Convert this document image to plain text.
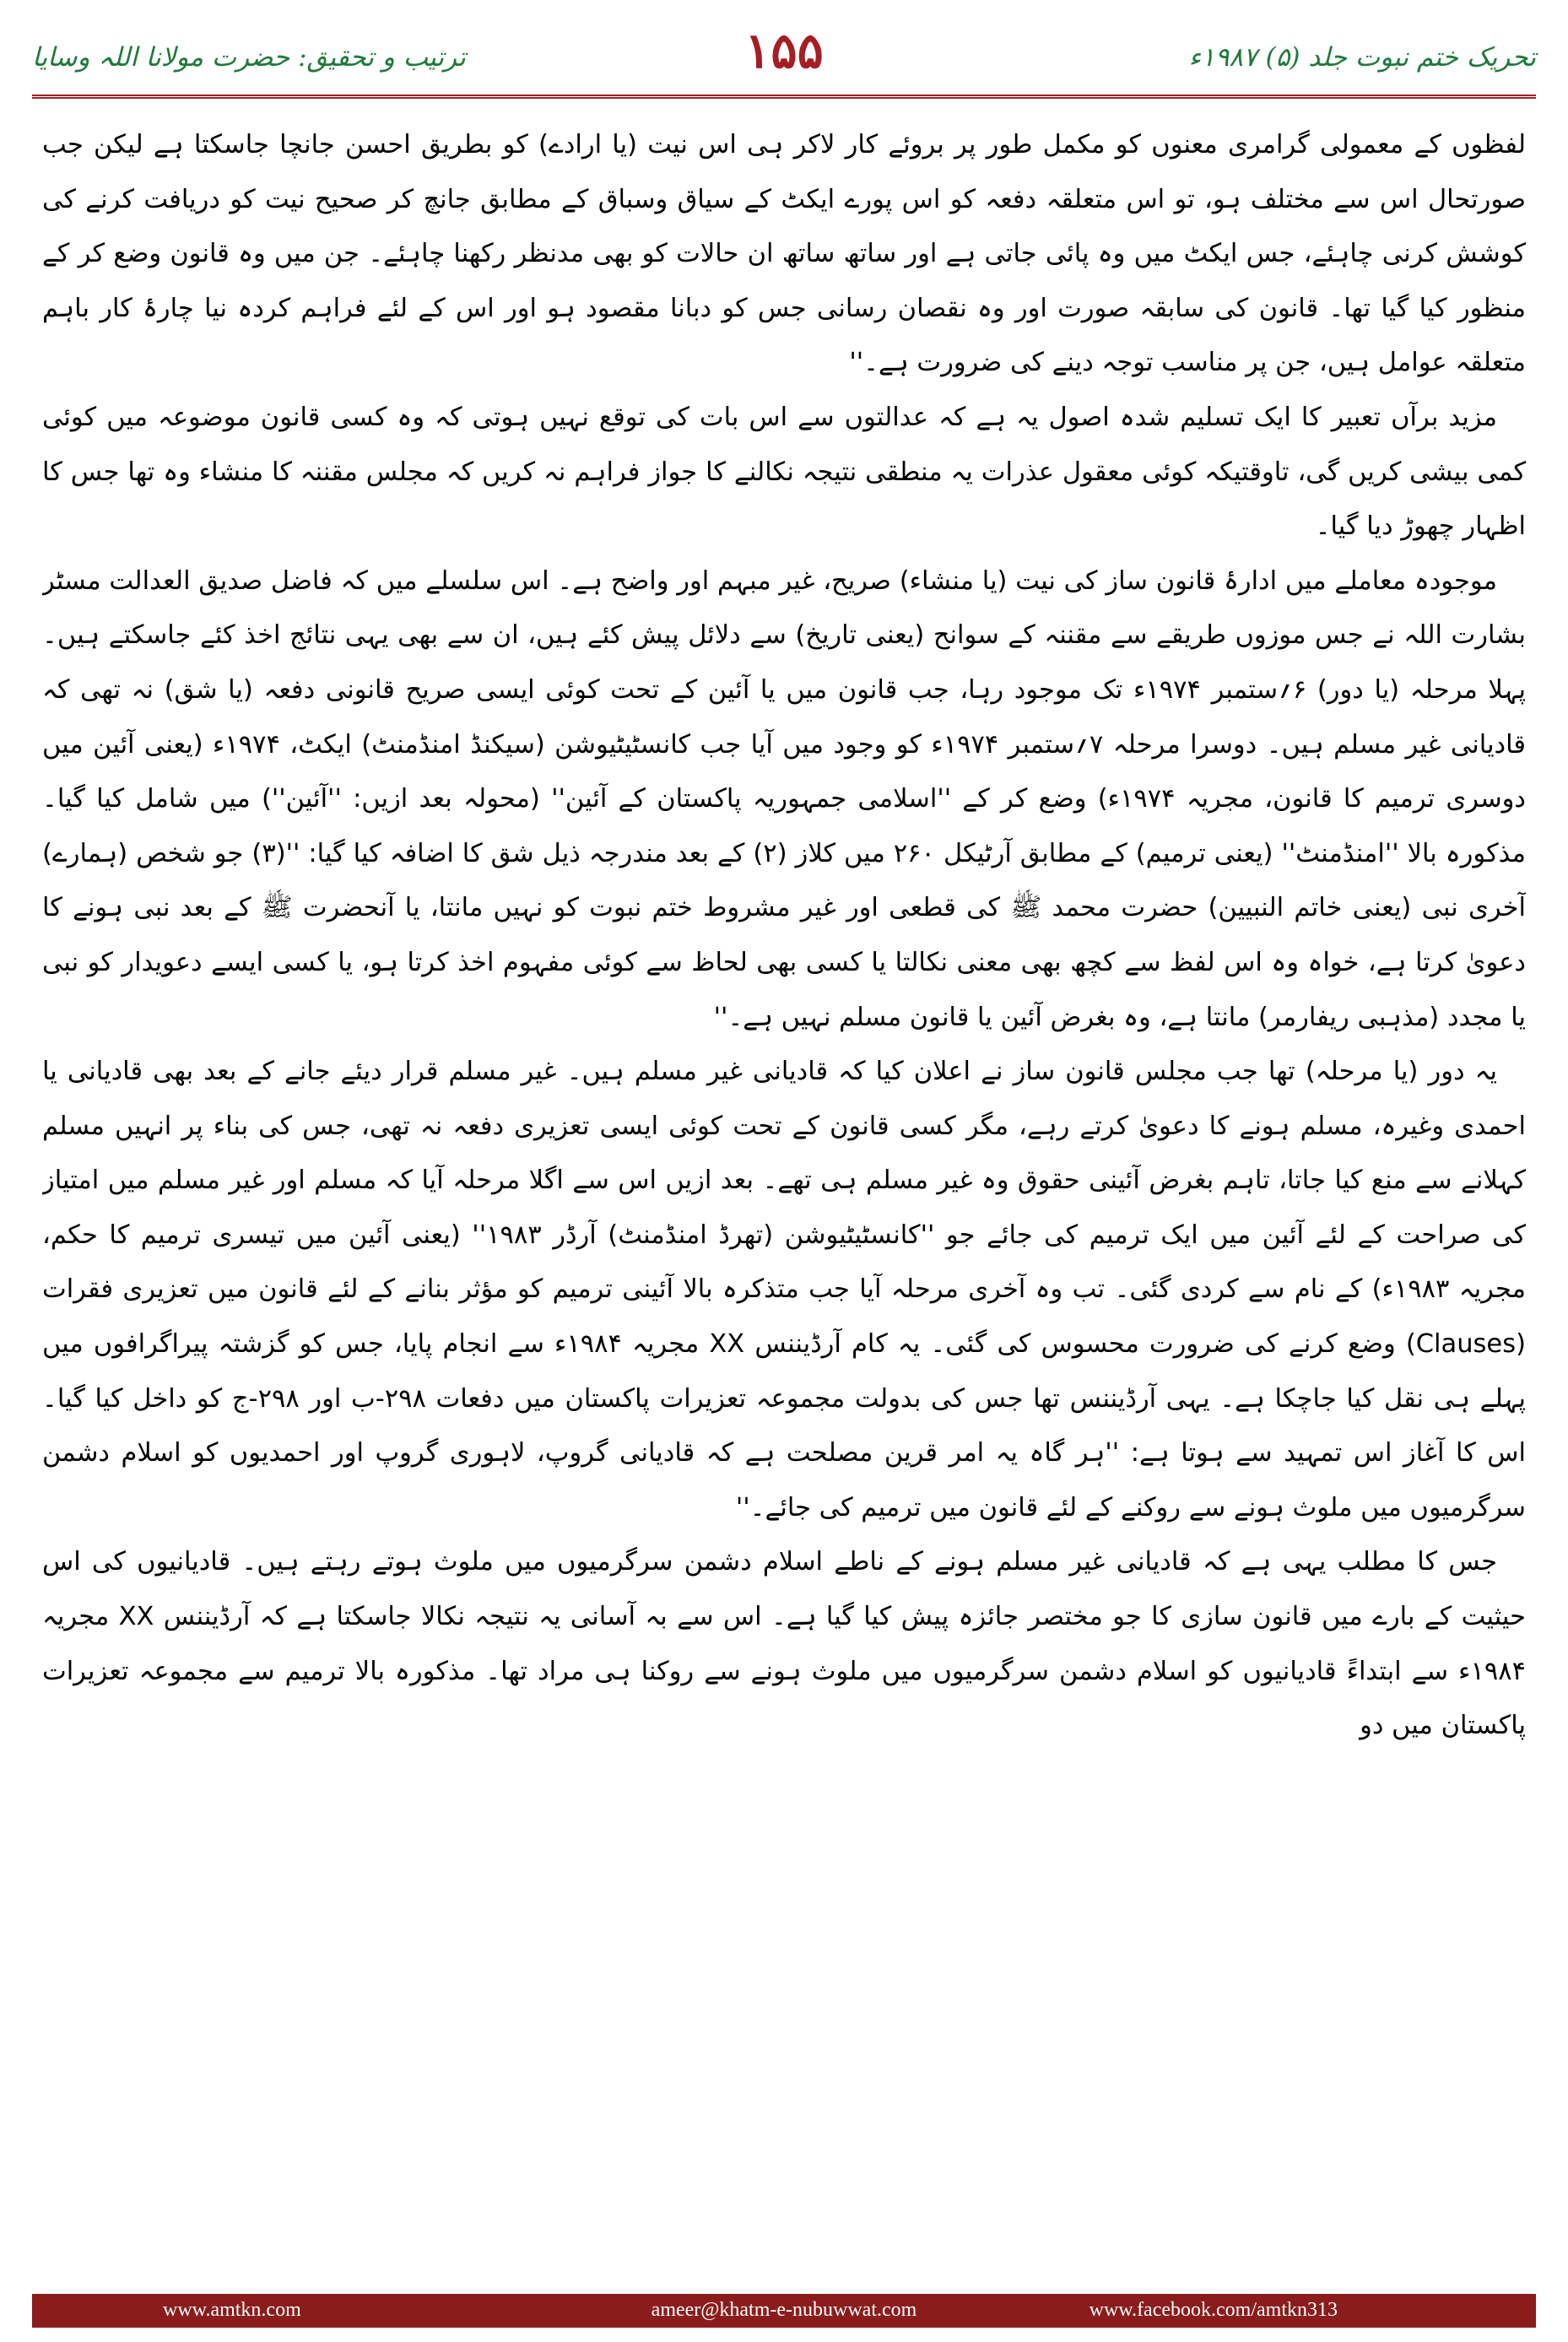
تحریک ختم نبوت جلد (۵) ۱۹۸۷ء
۱۵۵
ترتیب و تحقیق: حضرت مولانا اللہ وسایا

لفظوں کے معمولی گرامری معنوں کو مکمل طور پر بروئے کار لاکر ہی اس نیت (یا ارادے) کو بطریق احسن جانچا جاسکتا ہے لیکن جب صورتحال اس سے مختلف ہو، تو اس متعلقہ دفعہ کو اس پورے ایکٹ کے سیاق وسباق کے مطابق جانچ کر صحیح نیت کو دریافت کرنے کی کوشش کرنی چاہئے، جس ایکٹ میں وہ پائی جاتی ہے اور ساتھ ساتھ ان حالات کو بھی مدنظر رکھنا چاہئے۔ جن میں وہ قانون وضع کر کے منظور کیا گیا تھا۔ قانون کی سابقہ صورت اور وہ نقصان رسانی جس کو دبانا مقصود ہو اور اس کے لئے فراہم کردہ نیا چارۂ کار باہم متعلقہ عوامل ہیں، جن پر مناسب توجہ دینے کی ضرورت ہے۔''

مزید برآں تعبیر کا ایک تسلیم شدہ اصول یہ ہے کہ عدالتوں سے اس بات کی توقع نہیں ہوتی کہ وہ کسی قانون موضوعہ میں کوئی کمی بیشی کریں گی، تاوقتیکہ کوئی معقول عذرات یہ منطقی نتیجہ نکالنے کا جواز فراہم نہ کریں کہ مجلس مقننہ کا منشاء وہ تھا جس کا اظہار چھوڑ دیا گیا۔

موجودہ معاملے میں ادارۂ قانون ساز کی نیت (یا منشاء) صریح، غیر مبہم اور واضح ہے۔ اس سلسلے میں کہ فاضل صدیق العدالت مسٹر بشارت اللہ نے جس موزوں طریقے سے مقننہ کے سوانح (یعنی تاریخ) سے دلائل پیش کئے ہیں، ان سے بھی یہی نتائج اخذ کئے جاسکتے ہیں۔ پہلا مرحلہ (یا دور) ۶؍ستمبر ۱۹۷۴ء تک موجود رہا، جب قانون میں یا آئین کے تحت کوئی ایسی صریح قانونی دفعہ (یا شق) نہ تھی کہ قادیانی غیر مسلم ہیں۔ دوسرا مرحلہ ۷؍ستمبر ۱۹۷۴ء کو وجود میں آیا جب کانسٹیٹیوشن (سیکنڈ امنڈمنٹ) ایکٹ، ۱۹۷۴ء (یعنی آئین میں دوسری ترمیم کا قانون، مجریہ ۱۹۷۴ء) وضع کر کے ''اسلامی جمہوریہ پاکستان کے آئین'' (محولہ بعد ازیں: ''آئین'') میں شامل کیا گیا۔ مذکورہ بالا ''امنڈمنٹ'' (یعنی ترمیم) کے مطابق آرٹیکل ۲۶۰ میں کلاز (۲) کے بعد مندرجہ ذیل شق کا اضافہ کیا گیا: ''(۳) جو شخص (ہمارے) آخری نبی (یعنی خاتم النبیین) حضرت محمد ﷺ کی قطعی اور غیر مشروط ختم نبوت کو نہیں مانتا، یا آنحضرت ﷺ کے بعد نبی ہونے کا دعویٰ کرتا ہے، خواہ وہ اس لفظ سے کچھ بھی معنی نکالتا یا کسی بھی لحاظ سے کوئی مفہوم اخذ کرتا ہو، یا کسی ایسے دعویدار کو نبی یا مجدد (مذہبی ریفارمر) مانتا ہے، وہ بغرض آئین یا قانون مسلم نہیں ہے۔''

یہ دور (یا مرحلہ) تھا جب مجلس قانون ساز نے اعلان کیا کہ قادیانی غیر مسلم ہیں۔ غیر مسلم قرار دیئے جانے کے بعد بھی قادیانی یا احمدی وغیرہ، مسلم ہونے کا دعویٰ کرتے رہے، مگر کسی قانون کے تحت کوئی ایسی تعزیری دفعہ نہ تھی، جس کی بناء پر انہیں مسلم کہلانے سے منع کیا جاتا، تاہم بغرض آئینی حقوق وہ غیر مسلم ہی تھے۔ بعد ازیں اس سے اگلا مرحلہ آیا کہ مسلم اور غیر مسلم میں امتیاز کی صراحت کے لئے آئین میں ایک ترمیم کی جائے جو ''کانسٹیٹیوشن (تھرڈ امنڈمنٹ) آرڈر ۱۹۸۳'' (یعنی آئین میں تیسری ترمیم کا حکم، مجریہ ۱۹۸۳ء) کے نام سے کردی گئی۔ تب وہ آخری مرحلہ آیا جب متذکرہ بالا آئینی ترمیم کو مؤثر بنانے کے لئے قانون میں تعزیری فقرات (Clauses) وضع کرنے کی ضرورت محسوس کی گئی۔ یہ کام آرڈیننس XX مجریہ ۱۹۸۴ء سے انجام پایا، جس کو گزشتہ پیراگرافوں میں پہلے ہی نقل کیا جاچکا ہے۔ یہی آرڈیننس تھا جس کی بدولت مجموعہ تعزیرات پاکستان میں دفعات ۲۹۸-ب اور ۲۹۸-ج کو داخل کیا گیا۔ اس کا آغاز اس تمہید سے ہوتا ہے: ''ہر گاہ یہ امر قرین مصلحت ہے کہ قادیانی گروپ، لاہوری گروپ اور احمدیوں کو اسلام دشمن سرگرمیوں میں ملوث ہونے سے روکنے کے لئے قانون میں ترمیم کی جائے۔''

جس کا مطلب یہی ہے کہ قادیانی غیر مسلم ہونے کے ناطے اسلام دشمن سرگرمیوں میں ملوث ہوتے رہتے ہیں۔ قادیانیوں کی اس حیثیت کے بارے میں قانون سازی کا جو مختصر جائزہ پیش کیا گیا ہے۔ اس سے بہ آسانی یہ نتیجہ نکالا جاسکتا ہے کہ آرڈیننس XX مجریہ ۱۹۸۴ء سے ابتداءً قادیانیوں کو اسلام دشمن سرگرمیوں میں ملوث ہونے سے روکنا ہی مراد تھا۔ مذکورہ بالا ترمیم سے مجموعہ تعزیرات پاکستان میں دو

www.amtkn.com	ameer@khatm-e-nubuwwat.com	www.facebook.com/amtkn313
